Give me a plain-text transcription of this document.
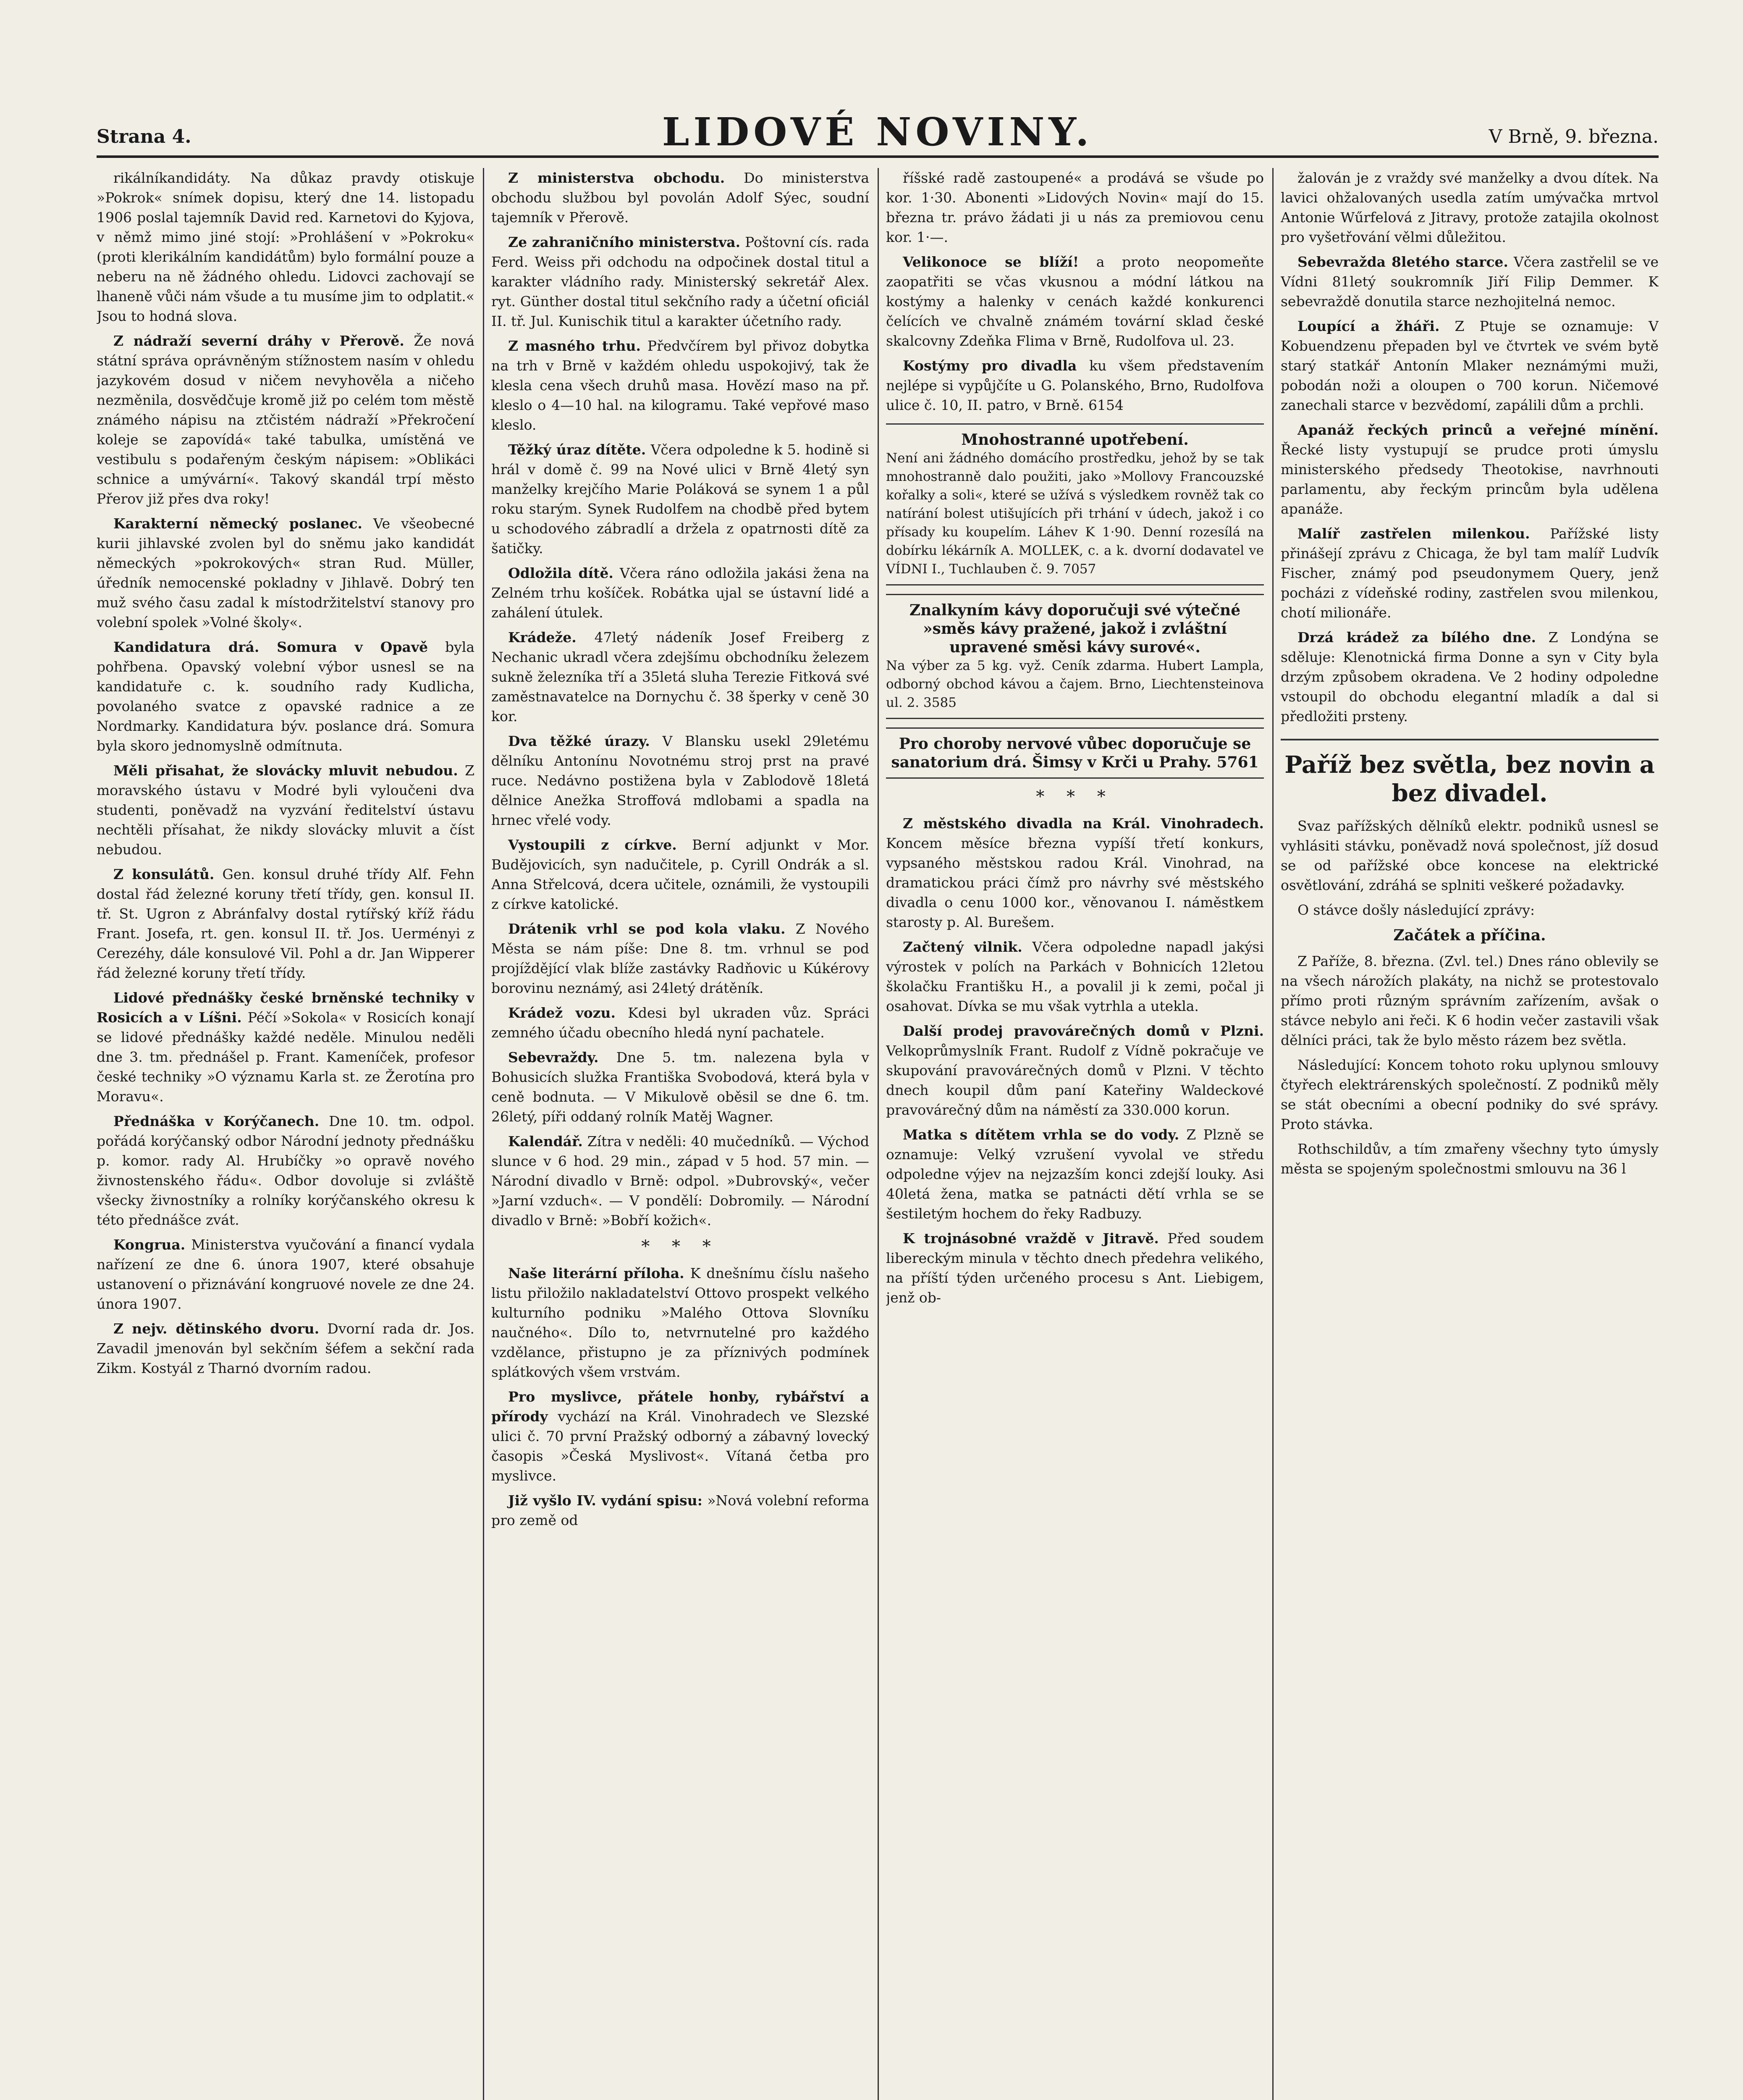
Strana 4.	LIDOVÉ NOVINY.	V Brně, 9. března.

rikálníkandidáty. Na důkaz pravdy otiskuje »Pokrok« snímek dopisu, který dne 14. listopadu 1906 poslal tajemník David red. Karnetovi do Kyjova, v němž mimo jiné stojí: »Prohlášení v »Pokroku« (proti klerikálním kandidátům) bylo formální pouze a neberu na ně žádného ohledu. Lidovci zachovají se lhaneně vůči nám všude a tu musíme jim to odplatit.« Jsou to hodná slova.

Z nádraží severní dráhy v Přerově. Že nová státní správa oprávněným stížnostem nasím v ohledu jazykovém dosud v ničem nevyhověla a ničeho nezměnila, dosvědčuje kromě již po celém tom městě známého nápisu na ztčistém nádraží »Překročení koleje se zapovídá« také tabulka, umístěná ve vestibulu s podařeným českým nápisem: »Oblikáci schnice a umývární«. Takový skandál trpí město Přerov již přes dva roky!

Karakterní německý poslanec. Ve všeobecné kurii jihlavské zvolen byl do sněmu jako kandidát německých »pokrokových« stran Rud. Müller, úředník nemocenské pokladny v Jihlavě. Dobrý ten muž svého času zadal k místodržitelství stanovy pro volební spolek »Volné školy«.

Kandidatura drá. Somura v Opavě byla pohřbena. Opavský volební výbor usnesl se na kandidatuře c. k. soudního rady Kudlicha, povolaného svatce z opavské radnice a ze Nordmarky. Kandidatura býv. poslance drá. Somura byla skoro jednomyslně odmítnuta.

Měli přisahat, že slovácky mluvit nebudou. Z moravského ústavu v Modré byli vyloučeni dva studenti, poněvadž na vyzvání ředitelství ústavu nechtěli přísahat, že nikdy slovácky mluvit a číst nebudou.

Z konsulátů. Gen. konsul druhé třídy Alf. Fehn dostal řád železné koruny třetí třídy, gen. konsul II. tř. St. Ugron z Abránfalvy dostal rytířský kříž řádu Frant. Josefa, rt. gen. konsul II. tř. Jos. Uerményi z Cerezéhy, dále konsulové Vil. Pohl a dr. Jan Wipperer řád železné koruny třetí třídy.

Lidové přednášky české brněnské techniky v Rosicích a v Líšni. Péčí »Sokola« v Rosicích konají se lidové přednášky každé neděle. Minulou neděli dne 3. tm. přednášel p. Frant. Kameníček, profesor české techniky »O významu Karla st. ze Žerotína pro Moravu«.

Přednáška v Korýčanech. Dne 10. tm. odpol. pořádá korýčanský odbor Národní jednoty přednášku p. komor. rady Al. Hrubíčky »o opravě nového živnostenského řádu«. Odbor dovoluje si zvláště všecky živnostníky a rolníky korýčanského okresu k této přednášce zvát.

Kongrua. Ministerstva vyučování a financí vydala nařízení ze dne 6. února 1907, které obsahuje ustanovení o přiznávání kongruové novele ze dne 24. února 1907.

Z nejv. dětinského dvoru. Dvorní rada dr. Jos. Zavadil jmenován byl sekčním šéfem a sekční rada Zikm. Kostyál z Tharnó dvorním radou.

Z ministerstva obchodu. Do ministerstva obchodu službou byl povolán Adolf Sýec, soudní tajemník v Přerově.

Ze zahraničního ministerstva. Poštovní cís. rada Ferd. Weiss při odchodu na odpočinek dostal titul a karakter vládního rady. Ministerský sekretář Alex. ryt. Günther dostal titul sekčního rady a účetní oficiál II. tř. Jul. Kunischik titul a karakter účetního rady.

Z masného trhu. Předvčírem byl přivoz dobytka na trh v Brně v každém ohledu uspokojivý, tak že klesla cena všech druhů masa. Hovězí maso na př. kleslo o 4—10 hal. na kilogramu. Také vepřové maso kleslo.

Těžký úraz dítěte. Včera odpoledne k 5. hodině si hrál v domě č. 99 na Nové ulici v Brně 4letý syn manželky krejčího Marie Poláková se synem 1 a půl roku starým. Synek Rudolfem na chodbě před bytem u schodového zábradlí a držela z opatrnosti dítě za šatičky.

Odložila dítě. Včera ráno odložila jakási žena na Zelném trhu košíček. Robátka ujal se ústavní lidé a zahálení útulek.

Krádeže. 47letý nádeník Josef Freiberg z Nechanic ukradl včera zdejšímu obchodníku železem sukně železníka tří a 35letá sluha Terezie Fitková své zaměstnavatelce na Dornychu č. 38 šperky v ceně 30 kor.

Dva těžké úrazy. V Blansku usekl 29letému dělníku Antonínu Novotnému stroj prst na pravé ruce. Nedávno postižena byla v Zablodově 18letá dělnice Anežka Stroffová mdlobami a spadla na hrnec vřelé vody.

Vystoupili z církve. Berní adjunkt v Mor. Budějovicích, syn nadučitele, p. Cyrill Ondrák a sl. Anna Střelcová, dcera učitele, oznámili, že vystoupili z církve katolické.

Drátenik vrhl se pod kola vlaku. Z Nového Města se nám píše: Dne 8. tm. vrhnul se pod projíždějící vlak blíže zastávky Radňovic u Kúkérovy borovinu neznámý, asi 24letý drátěník.

Krádež vozu. Kdesi byl ukraden vůz. Spráci zemného účadu obecního hledá nyní pachatele.

Sebevraždy. Dne 5. tm. nalezena byla v Bohusicích služka Františka Svobodová, která byla v ceně bodnuta. — V Mikulově oběsil se dne 6. tm. 26letý, píři oddaný rolník Matěj Wagner.

Kalendář. Zítra v neděli: 40 mučedníků. — Východ slunce v 6 hod. 29 min., západ v 5 hod. 57 min. — Národní divadlo v Brně: odpol. »Dubrovský«, večer »Jarní vzduch«. — V pondělí: Dobromily. — Národní divadlo v Brně: »Bobří kožich«.

* * *

Naše literární příloha. K dnešnímu číslu našeho listu přiložilo nakladatelství Ottovo prospekt velkého kulturního podniku »Malého Ottova Slovníku naučného«. Dílo to, netvrnutelné pro každého vzdělance, přistupno je za přízniv​ých podmínek splátkových všem vrstvám.

Pro myslivce, přátele honby, rybářství a přírody vychází na Král. Vinohradech ve Slezské ulici č. 70 první Pražský odborný a zábavný lovecký časopis »Česká Myslivost«. Vítaná četba pro myslivce.

Již vyšlo IV. vydání spisu: »Nová volební reforma pro země od

říšské radě zastoupené« a prodává se všude po kor. 1·30. Abonenti »Lidových Novin« mají do 15. března tr. právo žádati ji u nás za premiovou cenu kor. 1·—.

Velikonoce se blíží! a proto neopomeňte zaopatřiti se včas vkusnou a módní látkou na kostýmy a halenky v cenách každé konkurenci čelících ve chvalně známém tovární sklad české skalcovny Zdeňka Flima v Brně, Rudolfova ul. 23.

Kostýmy pro divadla ku všem představením nejlépe si vypůjčíte u G. Polanského, Brno, Rudolfova ulice č. 10, II. patro, v Brně. 6154

Mnohostranné upotřebení.
Není ani žádného domácího prostředku, jehož by se tak mnohostranně dalo použiti, jako »Mollovy Francouzské kořalky a soli«, které se užívá s výsledkem rovněž tak co natírání bolest utišujících při trhání v údech, jakož i co přísady ku koupelím. Láhev K 1·90. Denní rozesílá na dobírku lékárník A. MOLLEK, c. a k. dvorní dodavatel ve VÍDNI I., Tuchlauben č. 9. 7057
Znalkyním kávy doporučuji své výtečné »směs kávy pražené, jakož i zvláštní upravené směsi kávy surové«.
Na výber za 5 kg. vyž. Ceník zdarma. Hubert Lampla, odborný obchod kávou a čajem. Brno, Liechtensteinova ul. 2. 3585
Pro choroby nervové vůbec doporučuje se sanatorium drá. Šimsy v Krči u Prahy. 5761
* * *

Z městského divadla na Král. Vinohradech. Koncem měsíce března vypíší třetí konkurs, vypsaného městskou radou Král. Vinohrad, na dramatickou práci čímž pro návrhy své městského divadla o cenu 1000 kor., věnovanou I. náměstkem starosty p. Al. Burešem.

Začtený vilnik. Včera odpoledne napadl jakýsi výrostek v polích na Parkách v Bohnicích 12letou školačku Františku H., a povalil ji k zemi, počal ji osahovat. Dívka se mu však vytrhla a utekla.

Další prodej pravovárečných domů v Plzni. Velkoprůmyslník Frant. Rudolf z Vídně pokračuje ve skupování pravovárečných domů v Plzni. V těchto dnech koupil dům paní Kateřiny Waldeckové pravovárečný dům na náměstí za 330.000 korun.

Matka s dítětem vrhla se do vody. Z Plzně se oznamuje: Velký vzrušení vyvolal ve středu odpoledne výjev na nejzazším konci zdejší louky. Asi 40letá žena, matka se patnácti dětí vrhla se se šestiletým hochem do řeky Radbuzy.

K trojnásobné vraždě v Jitravě. Před soudem libereckým minula v těchto dnech předehra velikého, na příští týden určeného procesu s Ant. Liebigem, jenž ob-

žalován je z vraždy své manželky a dvou dítek. Na lavici ohžalovaných usedla zatím umývačka mrtvol Antonie Wűrfelová z Jitravy, protože zatajila okolnost pro vyšetřování vělmi důležitou.

Sebevražda 8letého starce. Včera zastřelil se ve Vídni 81letý soukromník Jiří Filip Demmer. K sebevraždě donutila starce nezhojitelná nemoc.

Loupící a žháři. Z Ptuje se oznamuje: V Kobuendzenu přepaden byl ve čtvrtek ve svém bytě starý statkář Antonín Mlaker neznámými muži, pobodán noži a oloupen o 700 korun. Ničemové zanechali starce v bezvědomí, zapálili dům a prchli.

Apanáž řeckých princů a veřejné mínění. Řecké listy vystupují se prudce proti úmyslu ministerského předsedy Theotokise, navrhnouti parlamentu, aby řeckým princům byla udělena apanáže.

Malíř zastřelen milenkou. Pařížské listy přinášejí zprávu z Chicaga, že byl tam malíř Ludvík Fischer, známý pod pseudonymem Query, jenž pocházi z vídeňské rodiny, zastřelen svou milenkou, chotí milionáře.

Drzá krádež za bílého dne. Z Londýna se sděluje: Klenotnická firma Donne a syn v City byla drzým způsobem okradena. Ve 2 hodiny odpoledne vstoupil do obchodu elegantní mladík a dal si předložiti prsteny.

Paříž bez světla, bez novin a bez divadel.

Svaz pařížských dělníků elektr. podniků usnesl se vyhlásiti stávku, poněvadž nová společnost, jíž dosud se od pařížské obce koncese na elektrické osvětlování, zdráhá se splniti veškeré požadavky.

O stávce došly následující zprávy:

Začátek a příčina.

Z Paříže, 8. března. (Zvl. tel.) Dnes ráno oblevily se na všech nárožích plakáty, na nichž se protestovalo přímo proti různým správním zařízením, avšak o stávce nebylo ani řeči. K 6 hodin večer zastavili však dělníci práci, tak že bylo město rázem bez světla.

Následující: Koncem tohoto roku uplynou smlouvy čtyřech elektrárenských společností. Z podniků měly se stát obecními a obecní podniky do své správy. Proto stávka.

Rothschildův, a tím zmařeny všechny tyto úmysly města se spojeným společnostmi smlouvu na 36 l
